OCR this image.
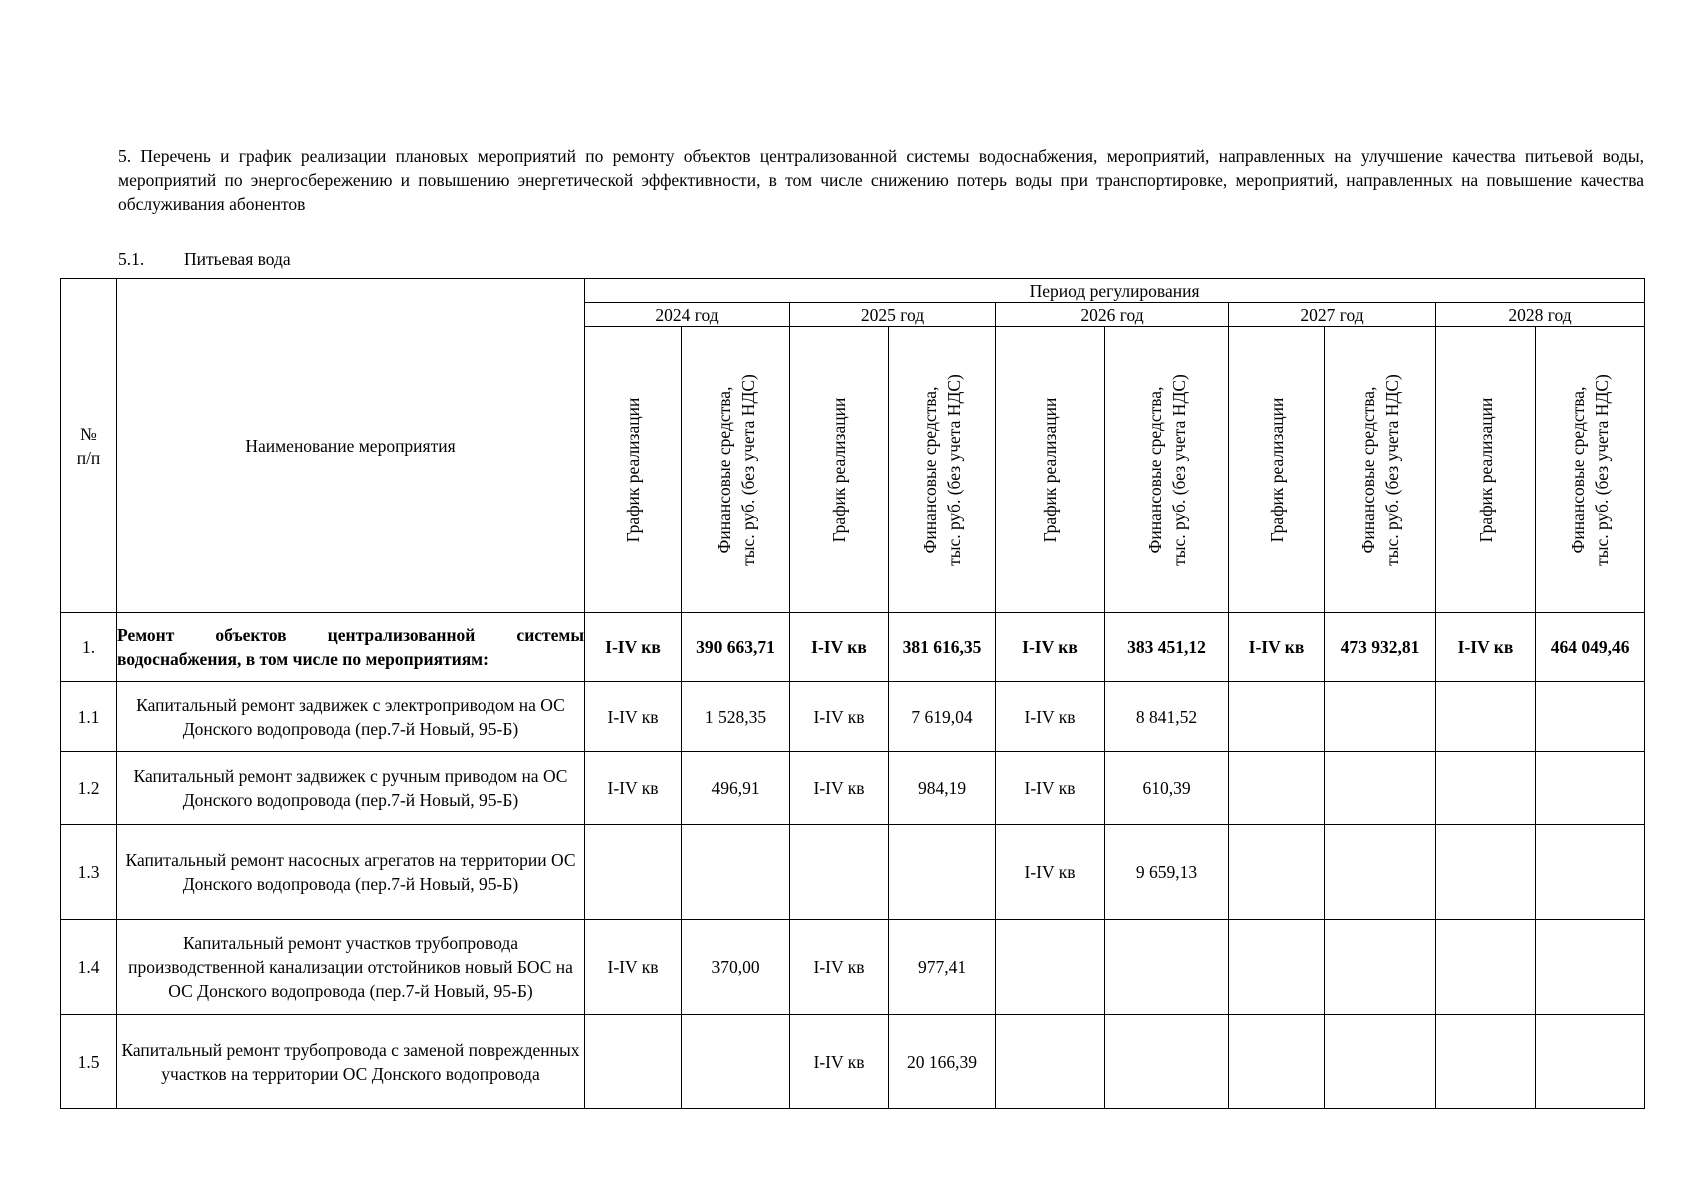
5. Перечень и график реализации плановых мероприятий по ремонту объектов централизованной системы водоснабжения, мероприятий, направленных на улучшение качества питьевой воды, мероприятий по энергосбережению и повышению энергетической эффективности, в том числе снижению потерь воды при транспортировке, мероприятий, направленных на повышение качества обслуживания абонентов
5.1. Питьевая вода
№ п/п	Наименование мероприятия	Период регулирования									
		2024 год		2025 год		2026 год		2027 год		2028 год	

		График реализации	Финансовые средства, тыс. руб. (без учета НДС)	График реализации	Финансовые средства, тыс. руб. (без учета НДС)	График реализации	Финансовые средства, тыс. руб. (без учета НДС)	График реализации	Финансовые средства, тыс. руб. (без учета НДС)	График реализации	Финансовые средства, тыс. руб. (без учета НДС)

1.	Ремонт объектов централизованной системы водоснабжения, в том числе по мероприятиям:	I-IV кв	390 663,71	I-IV кв	381 616,35	I-IV кв	383 451,12	I-IV кв	473 932,81	I-IV кв	464 049,46
1.1	Капитальный ремонт задвижек с электроприводом на ОС Донского водопровода (пер.7-й Новый, 95-Б)	I-IV кв	1 528,35	I-IV кв	7 619,04	I-IV кв	8 841,52				
1.2	Капитальный ремонт задвижек с ручным приводом на ОС Донского водопровода (пер.7-й Новый, 95-Б)	I-IV кв	496,91	I-IV кв	984,19	I-IV кв	610,39				
1.3	Капитальный ремонт насосных агрегатов на территории ОС Донского водопровода (пер.7-й Новый, 95-Б)					I-IV кв	9 659,13				
1.4	Капитальный ремонт участков трубопровода производственной канализации отстойников новый БОС на ОС Донского водопровода (пер.7-й Новый, 95-Б)	I-IV кв	370,00	I-IV кв	977,41						
1.5	Капитальный ремонт трубопровода с заменой поврежденных участков на территории ОС Донского водопровода			I-IV кв	20 166,39						
